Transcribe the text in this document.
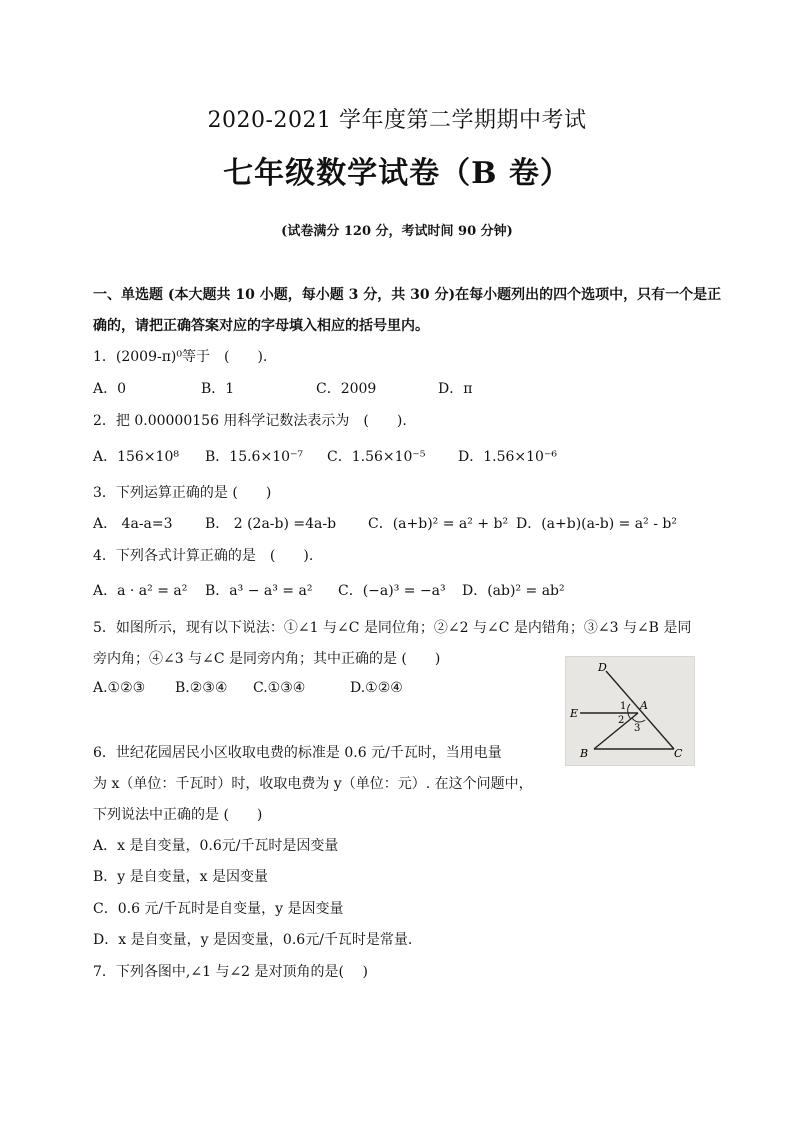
2020-2021 学年度第二学期期中考试
七年级数学试卷（B 卷）
(试卷满分 120 分，考试时间 90 分钟)
一、单选题 (本大题共 10 小题，每小题 3 分，共 30 分)在每小题列出的四个选项中，只有一个是正
确的，请把正确答案对应的字母填入相应的括号里内。
1．(2009-π)⁰等于　(　　).
A．0	B．1	C．2009	D．π
2．把 0.00000156 用科学记数法表示为　(　　).
A．156×10⁸ B．15.6×10⁻⁷ C．1.56×10⁻⁵ D．1.56×10⁻⁶
3．下列运算正确的是 (　　)
A． 4a-a=3 B． 2 (2a-b) =4a-b C．(a+b)² = a² + b² D．(a+b)(a-b) = a² - b²
4．下列各式计算正确的是　(　　).
A．a · a² = a² B．a³ − a³ = a² C．(−a)³ = −a³ D．(ab)² = ab²
5．如图所示，现有以下说法：①∠1 与∠C 是同位角；②∠2 与∠C 是内错角；③∠3 与∠B 是同
旁内角；④∠3 与∠C 是同旁内角；其中正确的是 (　　)
A.①②③ B.②③④ C.①③④	D.①②④
D
E
A
B	C
1
2
3
6．世纪花园居民小区收取电费的标准是 0.6 元/千瓦时，当用电量
为 x（单位：千瓦时）时，收取电费为 y（单位：元）. 在这个问题中，
下列说法中正确的是 (　　)
A．x 是自变量，0.6元/千瓦时是因变量
B．y 是自变量，x 是因变量
C．0.6 元/千瓦时是自变量，y 是因变量
D．x 是自变量，y 是因变量，0.6元/千瓦时是常量.
7．下列各图中,∠1 与∠2 是对顶角的是(　 )
